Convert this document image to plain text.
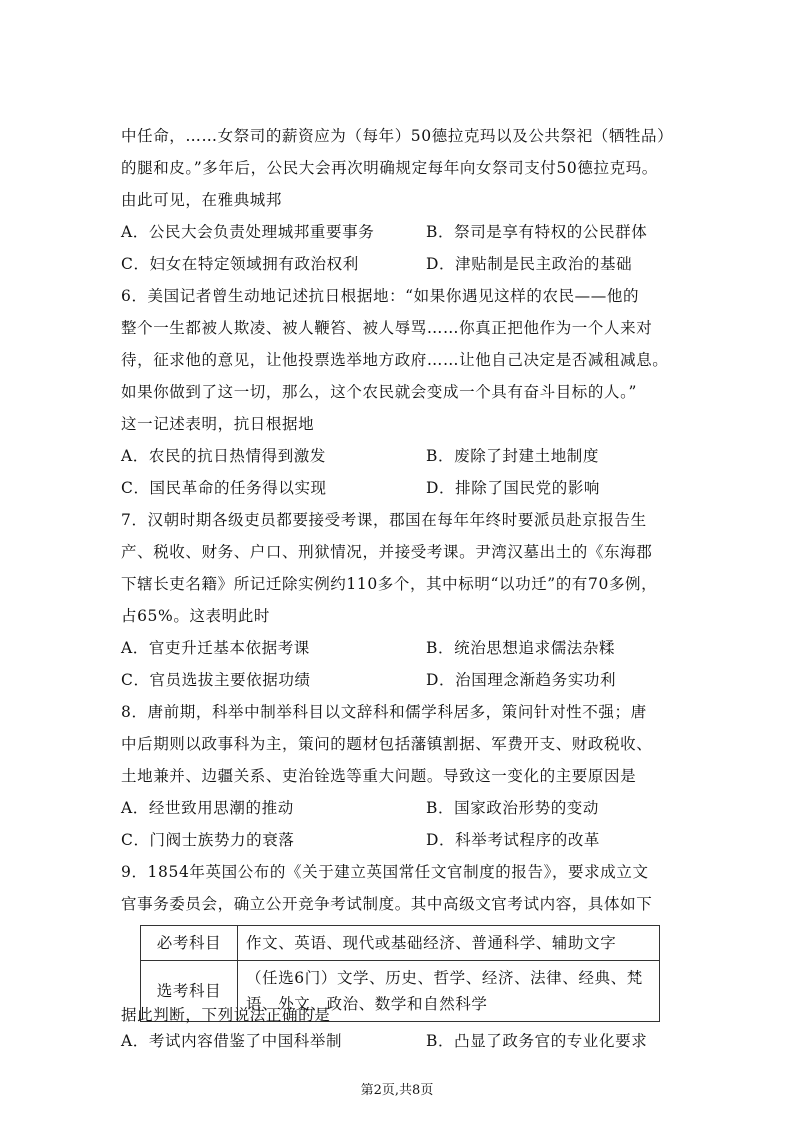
中任命，……女祭司的薪资应为（每年）50德拉克玛以及公共祭祀（牺牲品）
的腿和皮。”多年后，公民大会再次明确规定每年向女祭司支付50德拉克玛。
由此可见，在雅典城邦
A．公民大会负责处理城邦重要事务	B．祭司是享有特权的公民群体
C．妇女在特定领域拥有政治权利	D．津贴制是民主政治的基础
6．美国记者曾生动地记述抗日根据地：“如果你遇见这样的农民——他的
整个一生都被人欺凌、被人鞭笞、被人辱骂……你真正把他作为一个人来对
待，征求他的意见，让他投票选举地方政府……让他自己决定是否减租减息。
如果你做到了这一切，那么，这个农民就会变成一个具有奋斗目标的人。”
这一记述表明，抗日根据地
A．农民的抗日热情得到激发	B．废除了封建土地制度
C．国民革命的任务得以实现	D．排除了国民党的影响
7．汉朝时期各级吏员都要接受考课，郡国在每年年终时要派员赴京报告生
产、税收、财务、户口、刑狱情况，并接受考课。尹湾汉墓出土的《东海郡
下辖长吏名籍》所记迁除实例约110多个，其中标明“以功迁”的有70多例，
占65%。这表明此时
A．官吏升迁基本依据考课	B．统治思想追求儒法杂糅
C．官员选拔主要依据功绩	D．治国理念渐趋务实功利
8．唐前期，科举中制举科目以文辞科和儒学科居多，策问针对性不强；唐
中后期则以政事科为主，策问的题材包括藩镇割据、军费开支、财政税收、
土地兼并、边疆关系、吏治铨选等重大问题。导致这一变化的主要原因是
A．经世致用思潮的推动	B．国家政治形势的变动
C．门阀士族势力的衰落	D．科举考试程序的改革
9．1854年英国公布的《关于建立英国常任文官制度的报告》，要求成立文
官事务委员会，确立公开竞争考试制度。其中高级文官考试内容，具体如下
必考科目	作文、英语、现代或基础经济、普通科学、辅助文字
选考科目	（任选6门）文学、历史、哲学、经济、法律、经典、梵
语、外文、政治、数学和自然科学
据此判断，下列说法正确的是
A．考试内容借鉴了中国科举制	B．凸显了政务官的专业化要求
第2页,共8页
